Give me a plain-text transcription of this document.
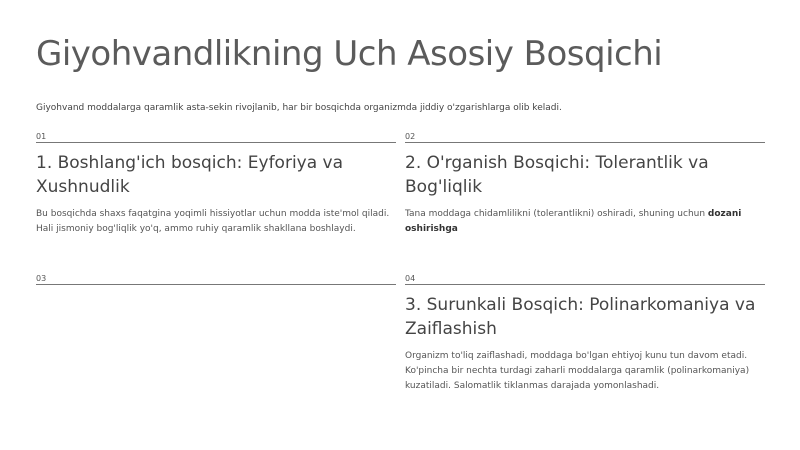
Giyohvandlikning Uch Asosiy Bosqichi

Giyohvand moddalarga qaramlik asta-sekin rivojlanib, har bir bosqichda organizmda jiddiy o'zgarishlarga olib keladi.

01
1. Boshlang'ich bosqich: Eyforiya va Xushnudlik

Bu bosqichda shaxs faqatgina yoqimli hissiyotlar uchun modda iste'mol qiladi. Hali jismoniy bog'liqlik yo'q, ammo ruhiy qaramlik shakllana boshlaydi.

02
2. O'rganish Bosqichi: Tolerantlik va Bog'liqlik

Tana moddaga chidamlilikni (tolerantlikni) oshiradi, shuning uchun dozani oshirishga

03	04
3. Surunkali Bosqich: Polinarkomaniya va Zaiflashish

Organizm to'liq zaiflashadi, moddaga bo'lgan ehtiyoj kunu tun davom etadi. Ko'pincha bir nechta turdagi zaharli moddalarga qaramlik (polinarkomaniya) kuzatiladi. Salomatlik tiklanmas darajada yomonlashadi.
